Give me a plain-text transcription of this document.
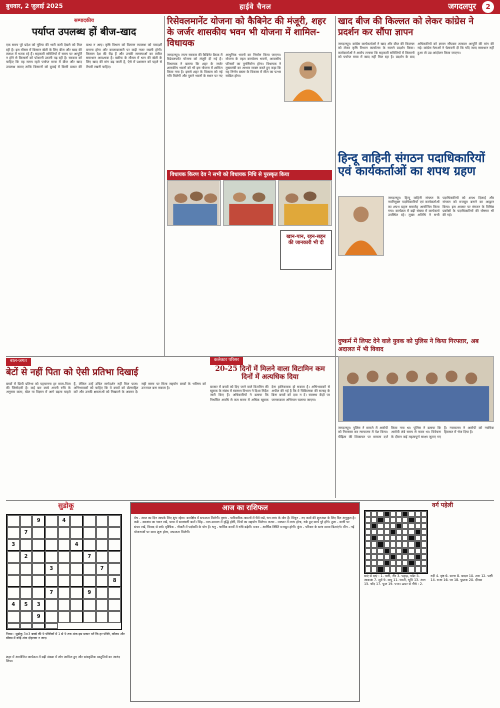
बुधवार, 2 जुलाई 2025	हाईवे चैनल	जगदलपुर	2
सम्पादकीय
पर्याप्त उपलब्ध हों बीज-खाद
एक समय पूरे प्रदेश को यूरिया की भारी कमी देखने को मिल रही है। इस मौसम में किसान खेती के लिए बीज और खाद की तलाश में भटक रहे हैं। सहकारी समितियों में समय पर आपूर्ति न होने से किसानों को परेशानी उठानी पड़ रही है। सरकार को चाहिए कि वह समय रहते पर्याप्त मात्रा में बीज और खाद उपलब्ध कराए ताकि किसानों को बुवाई में किसी प्रकार की बाधा न आए। कृषि विभाग को वितरण व्यवस्था को पारदर्शी बनाना होगा और कालाबाजारी पर कड़ी नजर रखनी होगी। किसान देश की रीढ़ हैं और उनकी समस्याओं का त्वरित समाधान आवश्यक है। खरीफ के मौसम में धान की खेती के लिए खाद की मांग बढ़ जाती है, ऐसे में प्रशासन को पहले से तैयारी रखनी चाहिए।
रिसेवलमानेंट योजना को कैबिनेट की मंजूरी, शहर के जर्जर शासकीय भवन भी योजना में शामिल-विधायक
जगदलपुर। राज्य सरकार की कैबिनेट बैठक में रिडेवलपमेंट योजना को मंजूरी दी गई है। विधायक ने बताया कि शहर के जर्जर शासकीय भवनों को भी इस योजना में शामिल किया गया है। इससे शहर के विकास को नई गति मिलेगी और पुराने भवनों के स्थान पर नए आधुनिक भवनों का निर्माण किया जाएगा। योजना के तहत कार्यालय भवनों, आवासीय परिसरों का पुनर्निर्माण होगा। विधायक ने मुख्यमंत्री का आभार व्यक्त करते हुए कहा कि यह निर्णय बस्तर के विकास में मील का पत्थर साबित होगा।
विधायक किरण देव ने सभी को विधायक निधि से पुरस्कृत किया
खान-पान, रहन-सहन की जानकारी भी दी
खाद बीज की किल्लत को लेकर कांग्रेस ने प्रदर्शन कर सौंपा ज्ञापन
जगदलपुर। कांग्रेस कार्यकर्ताओं ने खाद और बीज की किल्लत को लेकर कृषि विभाग कार्यालय के सामने प्रदर्शन किया। कार्यकर्ताओं ने आरोप लगाया कि सहकारी समितियों में किसानों को पर्याप्त मात्रा में खाद नहीं मिल रहा है। प्रदर्शन के बाद अधिकारियों को ज्ञापन सौंपकर तत्काल आपूर्ति की मांग की गई। कांग्रेस नेताओं ने चेतावनी दी कि यदि जल्द समाधान नहीं हुआ तो उग्र आंदोलन किया जाएगा।
हिन्दू वाहिनी संगठन पदाधिकारियों एवं कार्यकर्ताओं का शपथ ग्रहण
जगदलपुर। हिन्दू वाहिनी संगठन के नवनियुक्त पदाधिकारियों एवं कार्यकर्ताओं का शपथ ग्रहण समारोह आयोजित किया गया। कार्यक्रम में बड़ी संख्या में कार्यकर्ता उपस्थित रहे। मुख्य अतिथि ने सभी पदाधिकारियों को शपथ दिलाई और संगठन को मजबूत बनाने का आह्वान किया। इस अवसर पर संगठन के विभिन्न प्रकोष्ठों के पदाधिकारियों की घोषणा भी की गई।
बाल-जगत
बेटों से नहीं पिता को ऐसी प्रतिभा दिखाई
बच्चों में छिपी प्रतिभा को पहचानना हर माता-पिता की जिम्मेदारी है। कई बार बच्चे अपनी रुचि के अनुसार कला, खेल या विज्ञान में आगे बढ़ना चाहते हैं, लेकिन उन्हें उचित मार्गदर्शन नहीं मिल पाता। अभिभावकों को चाहिए कि वे बच्चों को प्रोत्साहित करें और उनकी क्षमताओं को निखारने के अवसर दें। सही समय पर मिला सहयोग बच्चों के भविष्य को उज्ज्वल बना सकता है।
कलेक्टर परिसर
20-25 दिनों में मिलने वाला विटामिन कम दिनों में अत्यधिक दिया
बाजार में बच्चों को दिए जाने वाले विटामिन की खुराक के संबंध में स्वास्थ्य विभाग ने दिशा निर्देश जारी किए हैं। अधिकारियों ने बताया कि निर्धारित अवधि से कम समय में अधिक खुराक देना हानिकारक हो सकता है। अभिभावकों से अपील की गई है कि वे चिकित्सक की सलाह के बिना बच्चों को दवा न दें। स्वास्थ्य केंद्रों पर जागरूकता अभियान चलाया जाएगा।
दुष्कर्म में लिफ्ट देने वाले युवक को पुलिस ने किया गिरफ्तार, अब अदालत में भी विवाद
जगदलपुर। पुलिस ने मामले में आरोपी को गिरफ्तार कर न्यायालय में पेश किया। पीड़िता की शिकायत पर मामला दर्ज किया गया था। पुलिस ने बताया कि आरोपी लंबे समय से फरार था। विवेचना के दौरान कई महत्वपूर्ण साक्ष्य जुटाए गए हैं। न्यायालय ने आरोपी को न्यायिक हिरासत में भेज दिया है।
सुडोकू
9	4
7
3	4
2	7
3	7
8
7	9
4	5	3
9
नियम : सुडोकू 3×3 बक्से की 9 पंक्तियों में 1 से 9 तक अंक इस प्रकार भरें कि हर पंक्ति, कॉलम और बॉक्स में कोई अंक दोहराया न जाए।
आज का राशिफल
मेष - आज का दिन आपके लिए शुभ रहेगा। कार्यक्षेत्र में सफलता मिलेगी। वृषभ - पारिवारिक मामलों में धैर्य रखें, धन लाभ के योग हैं। मिथुन - नए कार्य की शुरुआत के लिए दिन अनुकूल है। कर्क - स्वास्थ्य का ध्यान रखें, यात्रा में सावधानी बरतें। सिंह - मान-सम्मान में वृद्धि होगी, मित्रों का सहयोग मिलेगा। कन्या - व्यापार में लाभ होगा, रुके हुए कार्य पूरे होंगे। तुला - वाणी पर संयम रखें, विवाद से बचें। वृश्चिक - नौकरी में पदोन्नति के योग हैं। धनु - धार्मिक कार्यों में रुचि बढ़ेगी। मकर - आर्थिक स्थिति मजबूत होगी। कुंभ - परिवार के साथ समय बिताएंगे। मीन - नई योजनाओं पर काम शुरू होगा, सफलता मिलेगी।
वर्ग पहेली
बाएं से दाएं : 1. पानी, नीर 3. पहाड़, पर्वत 5. आकाश 7. सूर्य 9. वायु 11. धरती, भूमि 13. आग 15. चाँद 17. फूल 19. पत्ता। ऊपर से नीचे : 2. नदी 4. वृक्ष 6. सागर 8. बादल 10. तारा 12. पक्षी 14. राजा 16. घर 18. पुस्तक 20. दीपक
शहर में आयोजित कार्यक्रम में बड़ी संख्या में लोग शामिल हुए और सांस्कृतिक प्रस्तुतियों का आनंद लिया।
